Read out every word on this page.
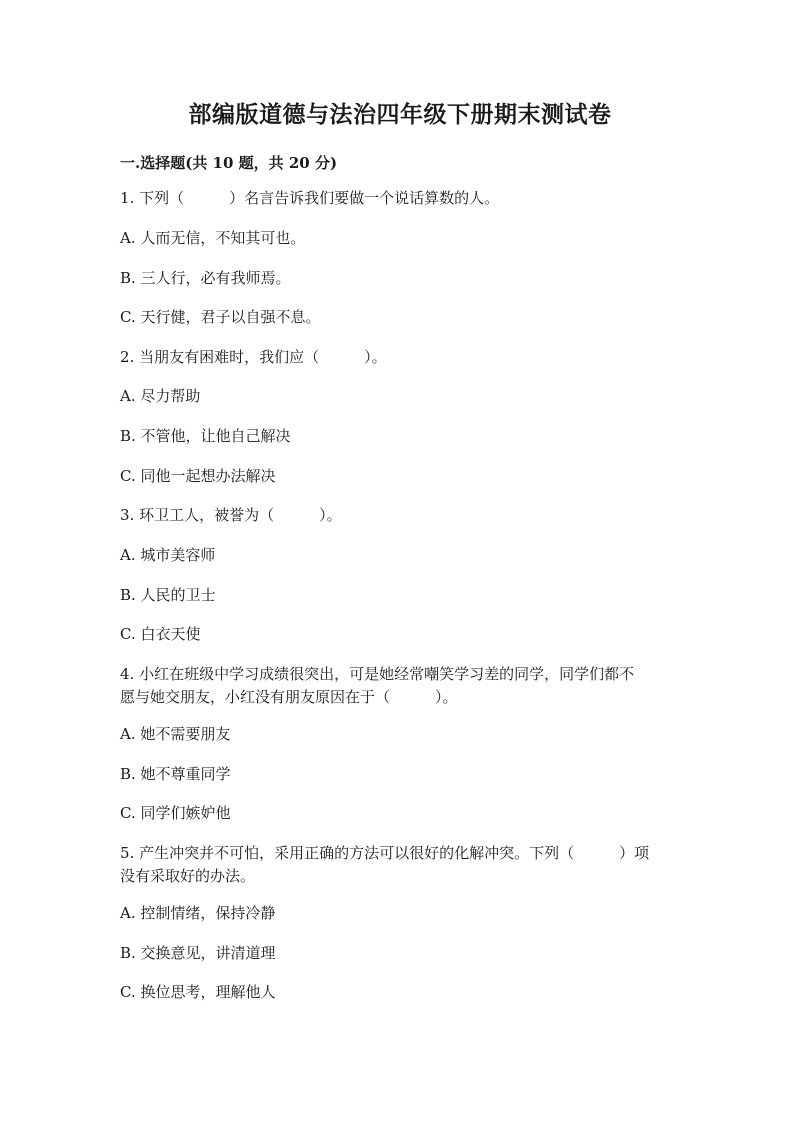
部编版道德与法治四年级下册期末测试卷

一.选择题(共 10 题，共 20 分)

1. 下列（　　　）名言告诉我们要做一个说话算数的人。

A. 人而无信，不知其可也。

B. 三人行，必有我师焉。

C. 天行健，君子以自强不息。

2. 当朋友有困难时，我们应（　　　）。

A. 尽力帮助

B. 不管他，让他自己解决

C. 同他一起想办法解决

3. 环卫工人，被誉为（　　　）。

A. 城市美容师

B. 人民的卫士

C. 白衣天使

4. 小红在班级中学习成绩很突出，可是她经常嘲笑学习差的同学，同学们都不

愿与她交朋友，小红没有朋友原因在于（　　　）。

A. 她不需要朋友

B. 她不尊重同学

C. 同学们嫉妒他

5. 产生冲突并不可怕，采用正确的方法可以很好的化解冲突。下列（　　　）项

没有采取好的办法。

A. 控制情绪，保持冷静

B. 交换意见，讲清道理

C. 换位思考，理解他人
